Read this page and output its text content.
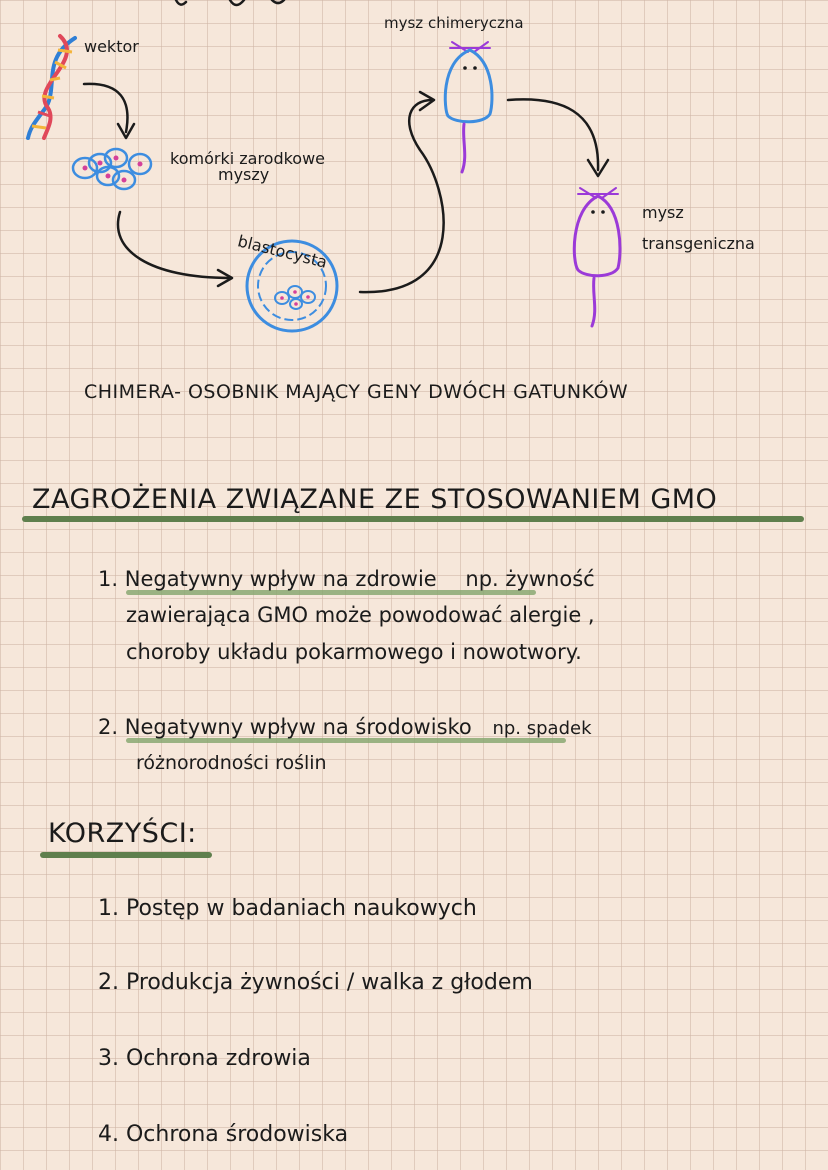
wektor
komórki zarodkowe
myszy
blastocysta
mysz chimeryczna
mysz
transgeniczna
CHIMERA- OSOBNIK MAJĄCY GENY DWÓCH GATUNKÓW
ZAGROŻENIA ZWIĄZANE ZE STOSOWANIEM GMO
1. Negatywny wpływ na zdrowie np. żywność
zawierająca GMO może powodować alergie ,
choroby układu pokarmowego i nowotwory.
2. Negatywny wpływ na środowisko np. spadek
różnorodności roślin
KORZYŚCI:
1. Postęp w badaniach naukowych
2. Produkcja żywności / walka z głodem
3. Ochrona zdrowia
4. Ochrona środowiska
